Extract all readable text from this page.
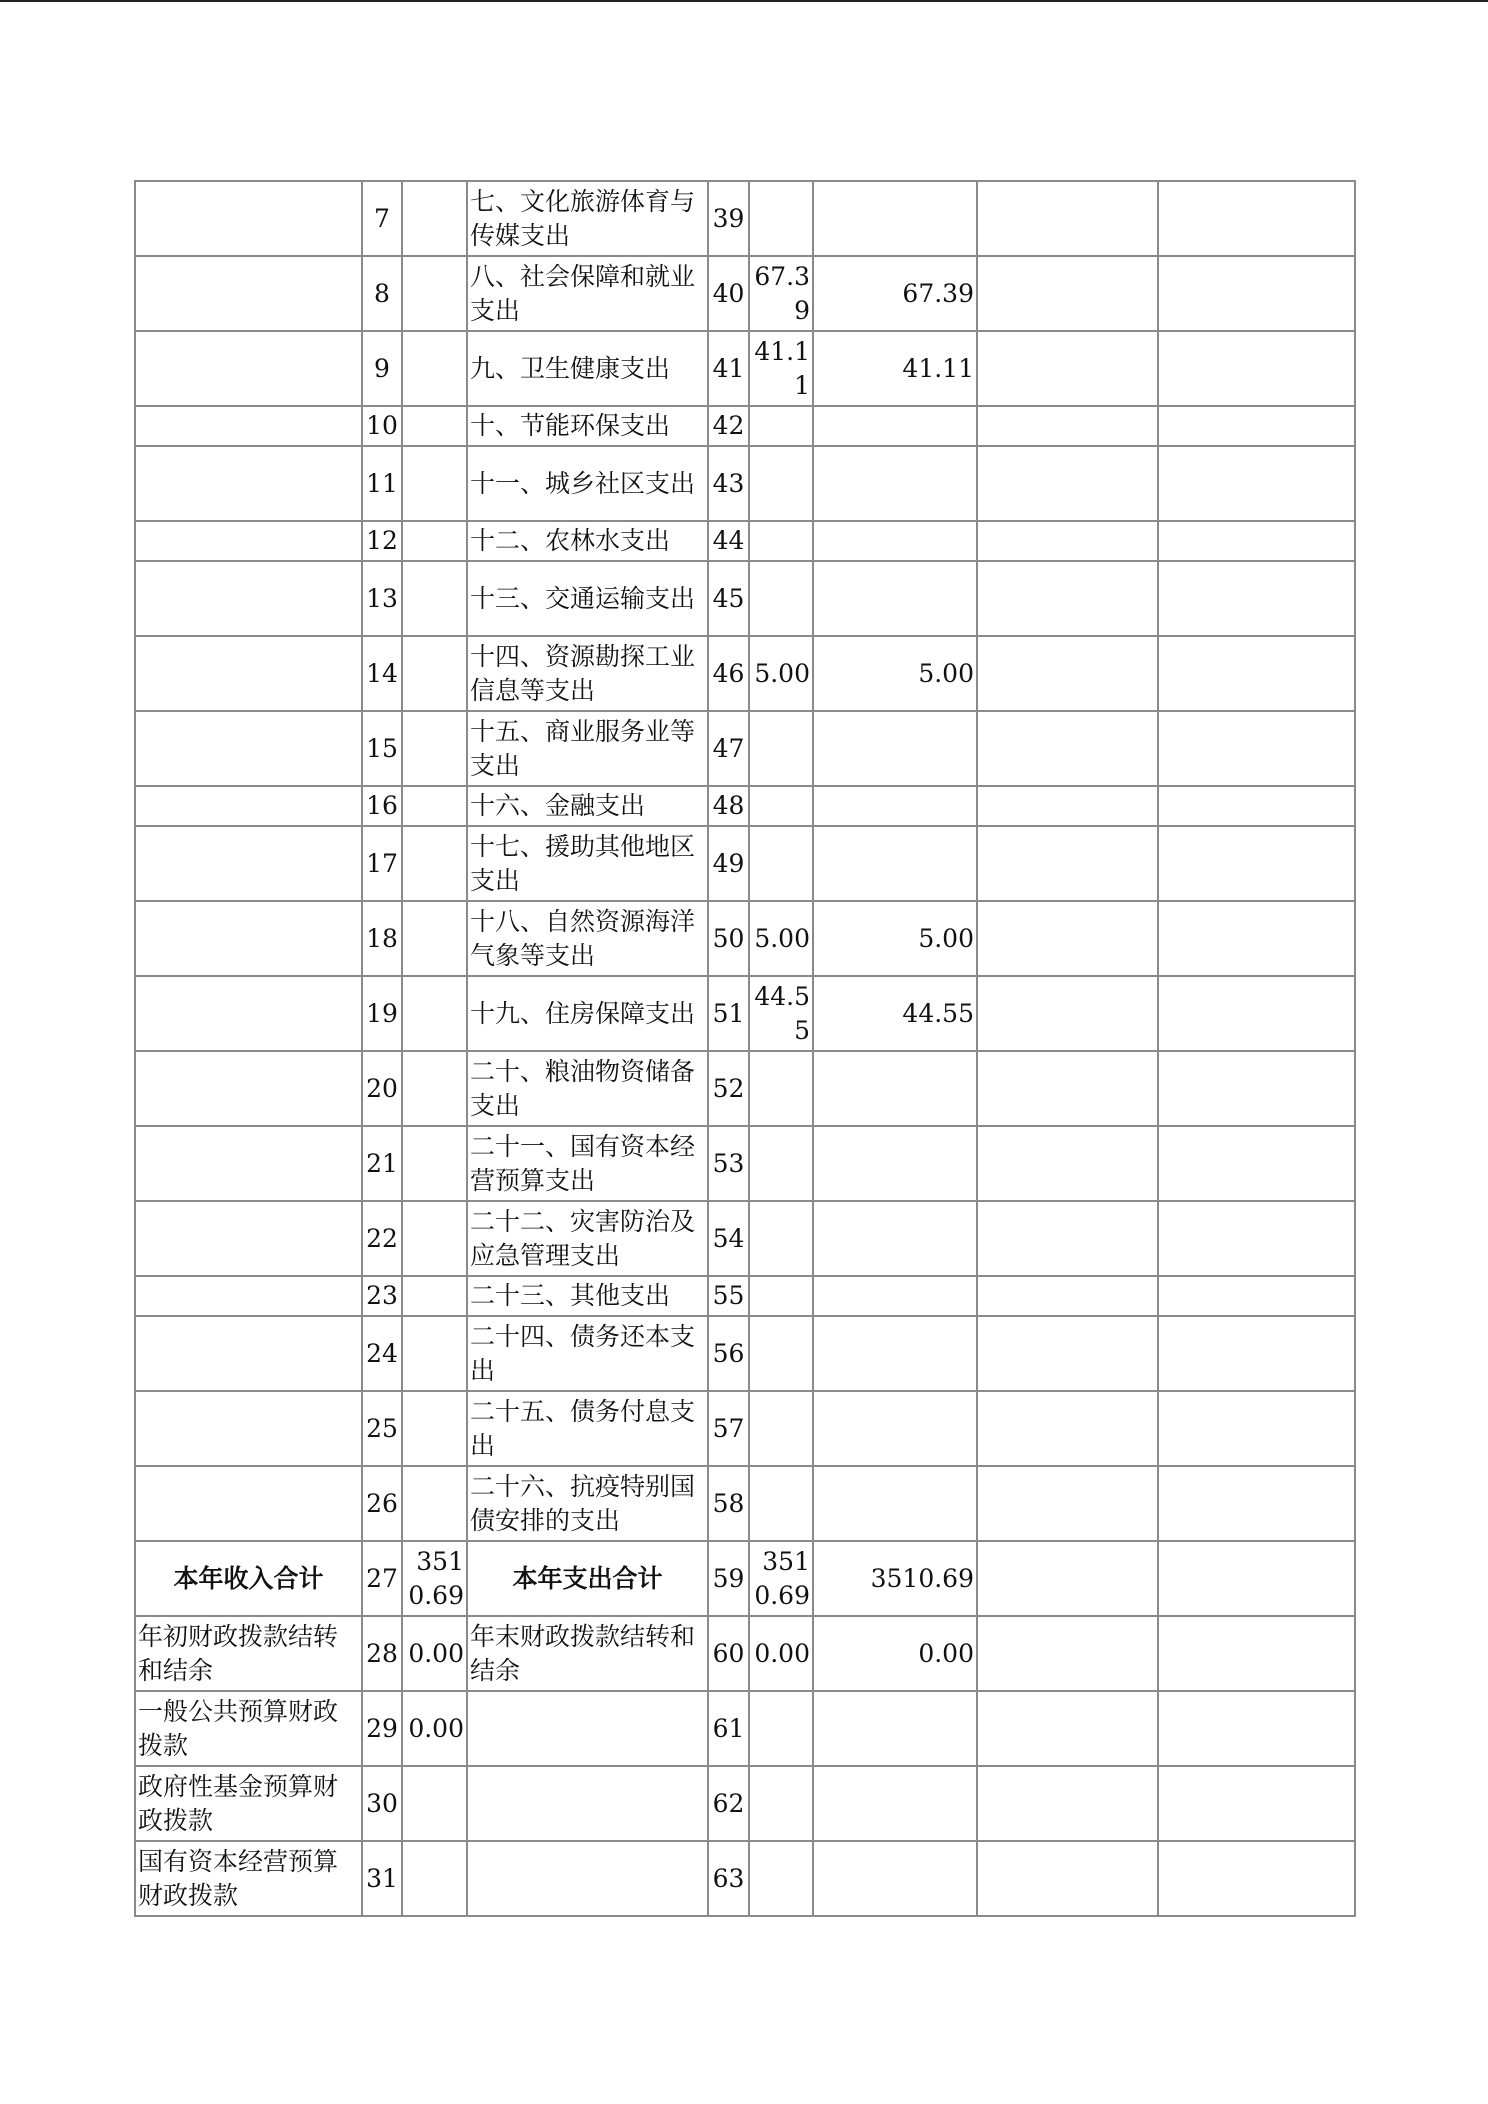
	7		七、文化旅游体育与传媒支出	39				
	8		八、社会保障和就业支出	40	67.39	67.39		
	9		九、卫生健康支出	41	41.11	41.11		
	10		十、节能环保支出	42				
	11		十一、城乡社区支出	43				
	12		十二、农林水支出	44				
	13		十三、交通运输支出	45				
	14		十四、资源勘探工业信息等支出	46	5.00	5.00		
	15		十五、商业服务业等支出	47				
	16		十六、金融支出	48				
	17		十七、援助其他地区支出	49				
	18		十八、自然资源海洋气象等支出	50	5.00	5.00		
	19		十九、住房保障支出	51	44.55	44.55		
	20		二十、粮油物资储备支出	52				
	21		二十一、国有资本经营预算支出	53				
	22		二十二、灾害防治及应急管理支出	54				
	23		二十三、其他支出	55				
	24		二十四、债务还本支出	56				
	25		二十五、债务付息支出	57				
	26		二十六、抗疫特别国债安排的支出	58				
本年收入合计	27	3510.69	本年支出合计	59	3510.69	3510.69		
年初财政拨款结转和结余	28	0.00	年末财政拨款结转和结余	60	0.00	0.00		
一般公共预算财政拨款	29	0.00		61				
政府性基金预算财政拨款	30			62				
国有资本经营预算财政拨款	31			63				
